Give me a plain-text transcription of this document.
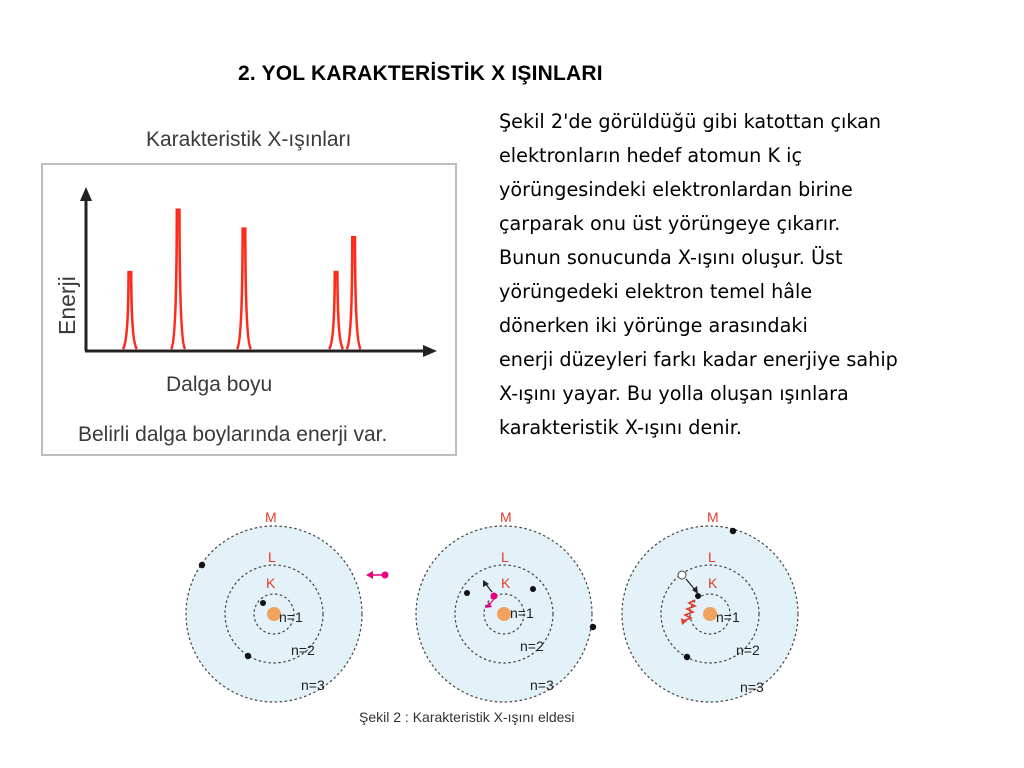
2. YOL KARAKTERİSTİK X IŞINLARI
Şekil 2'de görüldüğü gibi katottan çıkan
elektronların hedef atomun K iç
yörüngesindeki elektronlardan birine
çarparak onu üst yörüngeye çıkarır.
Bunun sonucunda X-ışını oluşur. Üst
yörüngedeki elektron temel hâle
dönerken iki yörünge arasındaki
enerji düzeyleri farkı kadar enerjiye sahip
X-ışını yayar. Bu yolla oluşan ışınlara
karakteristik X-ışını denir.
Karakteristik X-ışınları
Enerji
Dalga boyu
Belirli dalga boylarında enerji var.
M
L
K
n=1
n=2
n=3
M
L
K
n=1
n=2
n=3
M
L
K
n=1
n=2
n=3
Şekil 2 : Karakteristik X-ışını eldesi
